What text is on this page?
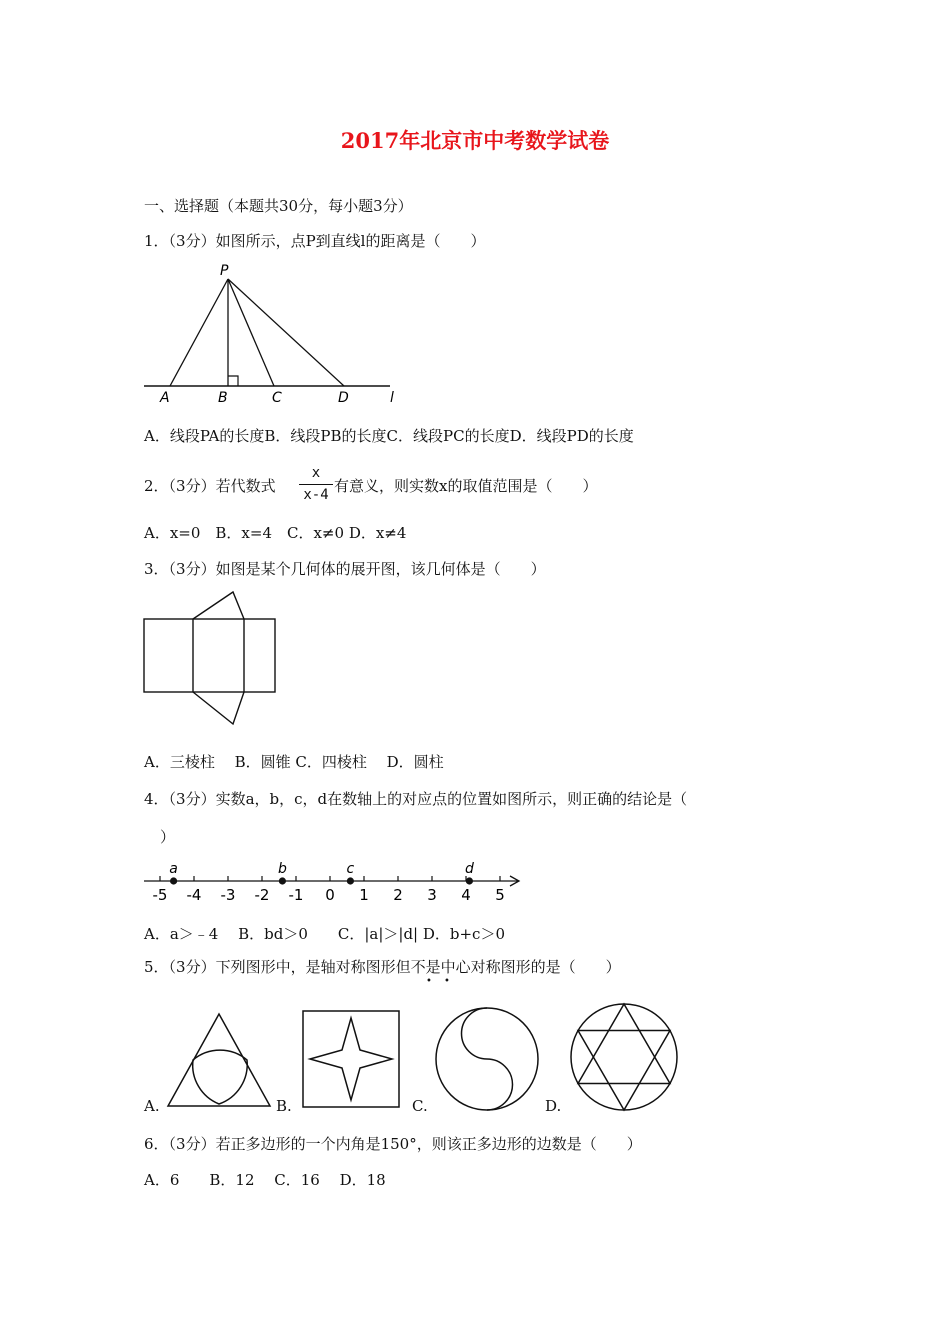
2017年北京市中考数学试卷
一、选择题（本题共30分，每小题3分）
1．（3分）如图所示，点P到直线l的距离是（　　）
P
A	B	C	D	l
A．线段PA的长度B．线段PB的长度C．线段PC的长度D．线段PD的长度
2．（3分）若代数式
x
x-4 有意义，则实数x的取值范围是（　　）
A．x=0　B．x=4　C．x≠0 D．x≠4
3．（3分）如图是某个几何体的展开图，该几何体是（　　）
A．三棱柱　 B．圆锥 C．四棱柱　 D．圆柱
4．（3分）实数a，b，c，d在数轴上的对应点的位置如图所示，则正确的结论是（
）
-5 -4 -3 -2 -1 0 1 2 3 4 5
a	b	c	d
A．a＞﹣4　 B．bd＞0　　C．|a|＞|d| D．b+c＞0
5．（3分）下列图形中，是轴对称图形但不是中心对称图形的是（　　）
• •
A.	B.	C.	D.
6．（3分）若正多边形的一个内角是150°，则该正多边形的边数是（　　）
A．6　　B．12　 C．16　 D．18
